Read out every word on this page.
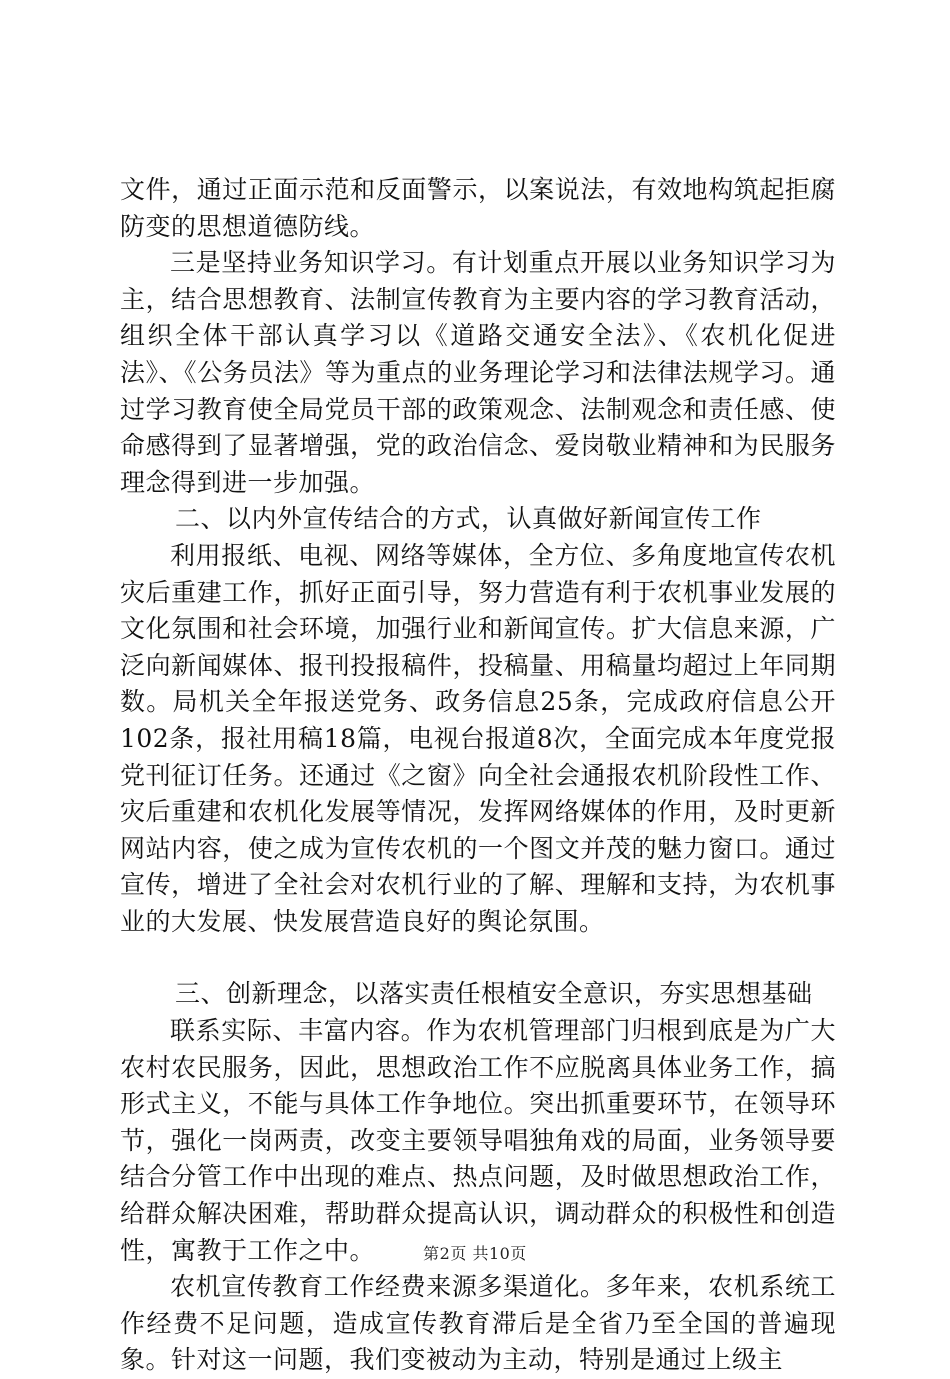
文件，通过正面示范和反面警示，以案说法，有效地构筑起拒腐防变的思想道德防线。

三是坚持业务知识学习。有计划重点开展以业务知识学习为主，结合思想教育、法制宣传教育为主要内容的学习教育活动，组织全体干部认真学习以《道路交通安全法》、《农机化促进法》、《公务员法》等为重点的业务理论学习和法律法规学习。通过学习教育使全局党员干部的政策观念、法制观念和责任感、使命感得到了显著增强，党的政治信念、爱岗敬业精神和为民服务理念得到进一步加强。

二、以内外宣传结合的方式，认真做好新闻宣传工作

利用报纸、电视、网络等媒体，全方位、多角度地宣传农机灾后重建工作，抓好正面引导，努力营造有利于农机事业发展的文化氛围和社会环境，加强行业和新闻宣传。扩大信息来源，广泛向新闻媒体、报刊投报稿件，投稿量、用稿量均超过上年同期数。局机关全年报送党务、政务信息25条，完成政府信息公开102条，报社用稿18篇，电视台报道8次，全面完成本年度党报党刊征订任务。还通过《之窗》向全社会通报农机阶段性工作、灾后重建和农机化发展等情况，发挥网络媒体的作用，及时更新网站内容，使之成为宣传农机的一个图文并茂的魅力窗口。通过宣传，增进了全社会对农机行业的了解、理解和支持，为农机事业的大发展、快发展营造良好的舆论氛围。

三、创新理念，以落实责任根植安全意识，夯实思想基础

联系实际、丰富内容。作为农机管理部门归根到底是为广大农村农民服务，因此，思想政治工作不应脱离具体业务工作，搞形式主义，不能与具体工作争地位。突出抓重要环节，在领导环节，强化一岗两责，改变主要领导唱独角戏的局面，业务领导要结合分管工作中出现的难点、热点问题，及时做思想政治工作，给群众解决困难，帮助群众提高认识，调动群众的积极性和创造性，寓教于工作之中。

农机宣传教育工作经费来源多渠道化。多年来，农机系统工作经费不足问题，造成宣传教育滞后是全省乃至全国的普遍现象。针对这一问题，我们变被动为主动，特别是通过上级主

第2页 共10页
